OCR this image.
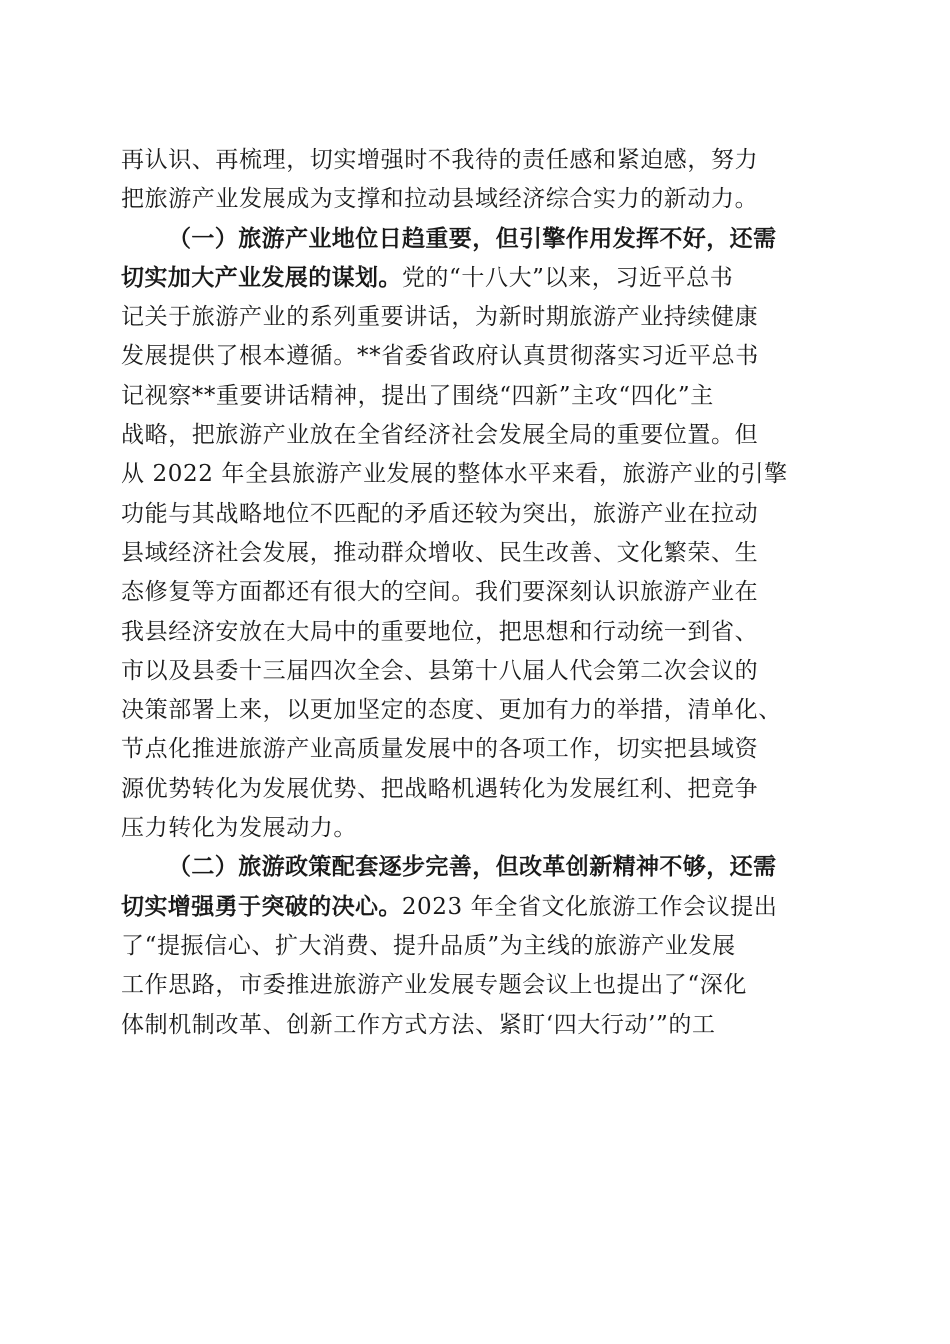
再认识、再梳理，切实增强时不我待的责任感和紧迫感，努力
把旅游产业发展成为支撑和拉动县域经济综合实力的新动力。
（一）旅游产业地位日趋重要，但引擎作用发挥不好，还需
切实加大产业发展的谋划。党的“十八大”以来，习近平总书
记关于旅游产业的系列重要讲话，为新时期旅游产业持续健康
发展提供了根本遵循。**省委省政府认真贯彻落实习近平总书
记视察**重要讲话精神，提出了围绕“四新”主攻“四化”主
战略，把旅游产业放在全省经济社会发展全局的重要位置。但
从 2022 年全县旅游产业发展的整体水平来看，旅游产业的引擎
功能与其战略地位不匹配的矛盾还较为突出，旅游产业在拉动
县域经济社会发展，推动群众增收、民生改善、文化繁荣、生
态修复等方面都还有很大的空间。我们要深刻认识旅游产业在
我县经济安放在大局中的重要地位，把思想和行动统一到省、
市以及县委十三届四次全会、县第十八届人代会第二次会议的
决策部署上来，以更加坚定的态度、更加有力的举措，清单化、
节点化推进旅游产业高质量发展中的各项工作，切实把县域资
源优势转化为发展优势、把战略机遇转化为发展红利、把竞争
压力转化为发展动力。
（二）旅游政策配套逐步完善，但改革创新精神不够，还需
切实增强勇于突破的决心。2023 年全省文化旅游工作会议提出
了“提振信心、扩大消费、提升品质”为主线的旅游产业发展
工作思路，市委推进旅游产业发展专题会议上也提出了“深化
体制机制改革、创新工作方式方法、紧盯‘四大行动’”的工
